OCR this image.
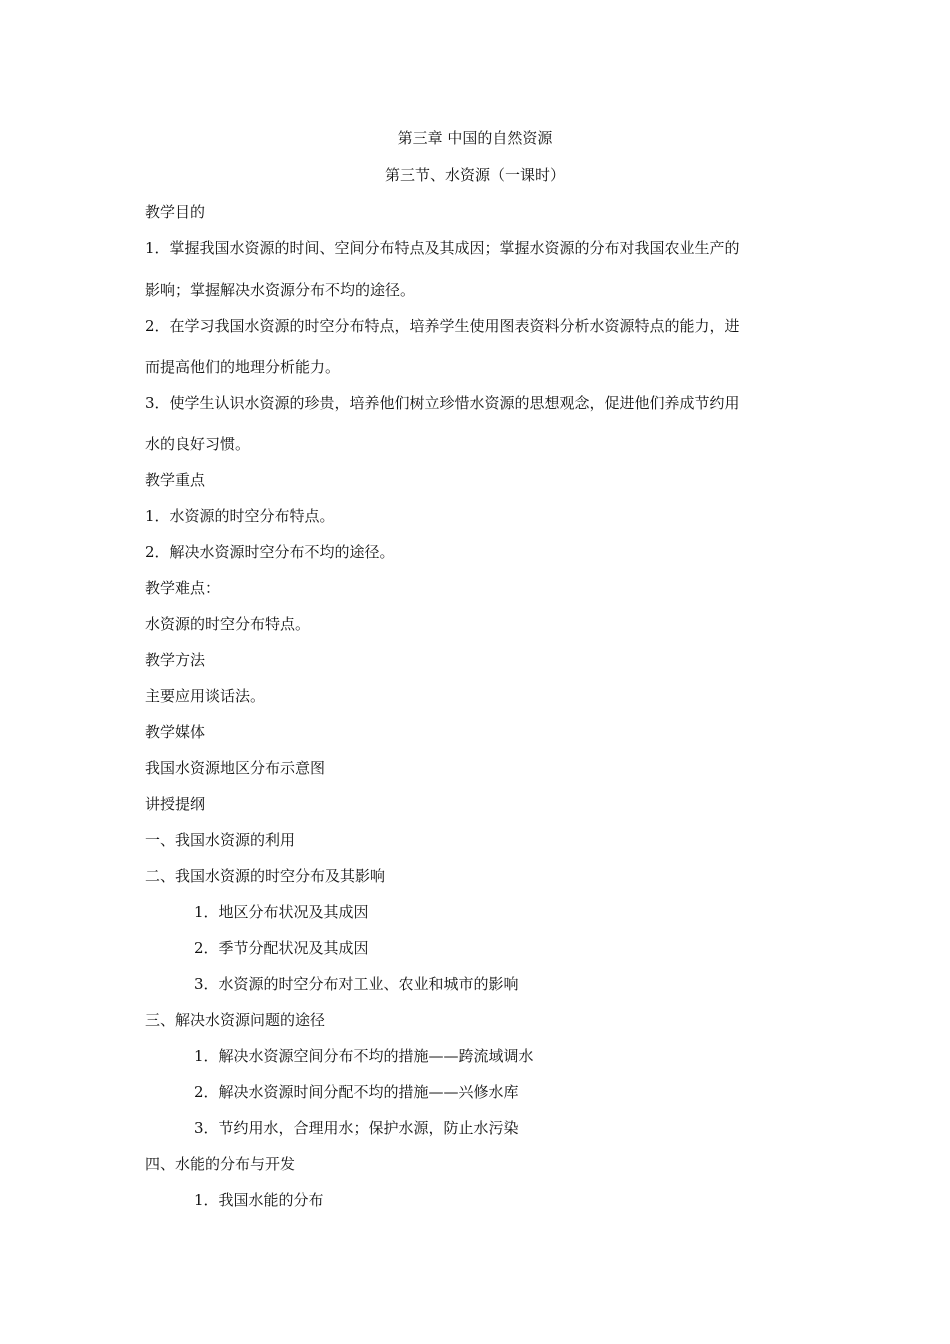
第三章 中国的自然资源
第三节、水资源（一课时）
教学目的
1．掌握我国水资源的时间、空间分布特点及其成因；掌握水资源的分布对我国农业生产的
影响；掌握解决水资源分布不均的途径。
2．在学习我国水资源的时空分布特点，培养学生使用图表资料分析水资源特点的能力，进
而提高他们的地理分析能力。
3．使学生认识水资源的珍贵，培养他们树立珍惜水资源的思想观念，促进他们养成节约用
水的良好习惯。
教学重点
1．水资源的时空分布特点。
2．解决水资源时空分布不均的途径。
教学难点：
水资源的时空分布特点。
教学方法
主要应用谈话法。
教学媒体
我国水资源地区分布示意图
讲授提纲
一、我国水资源的利用
二、我国水资源的时空分布及其影响
1．地区分布状况及其成因
2．季节分配状况及其成因
3．水资源的时空分布对工业、农业和城市的影响
三、解决水资源问题的途径
1．解决水资源空间分布不均的措施——跨流域调水
2．解决水资源时间分配不均的措施——兴修水库
3．节约用水，合理用水；保护水源，防止水污染
四、水能的分布与开发
1．我国水能的分布
